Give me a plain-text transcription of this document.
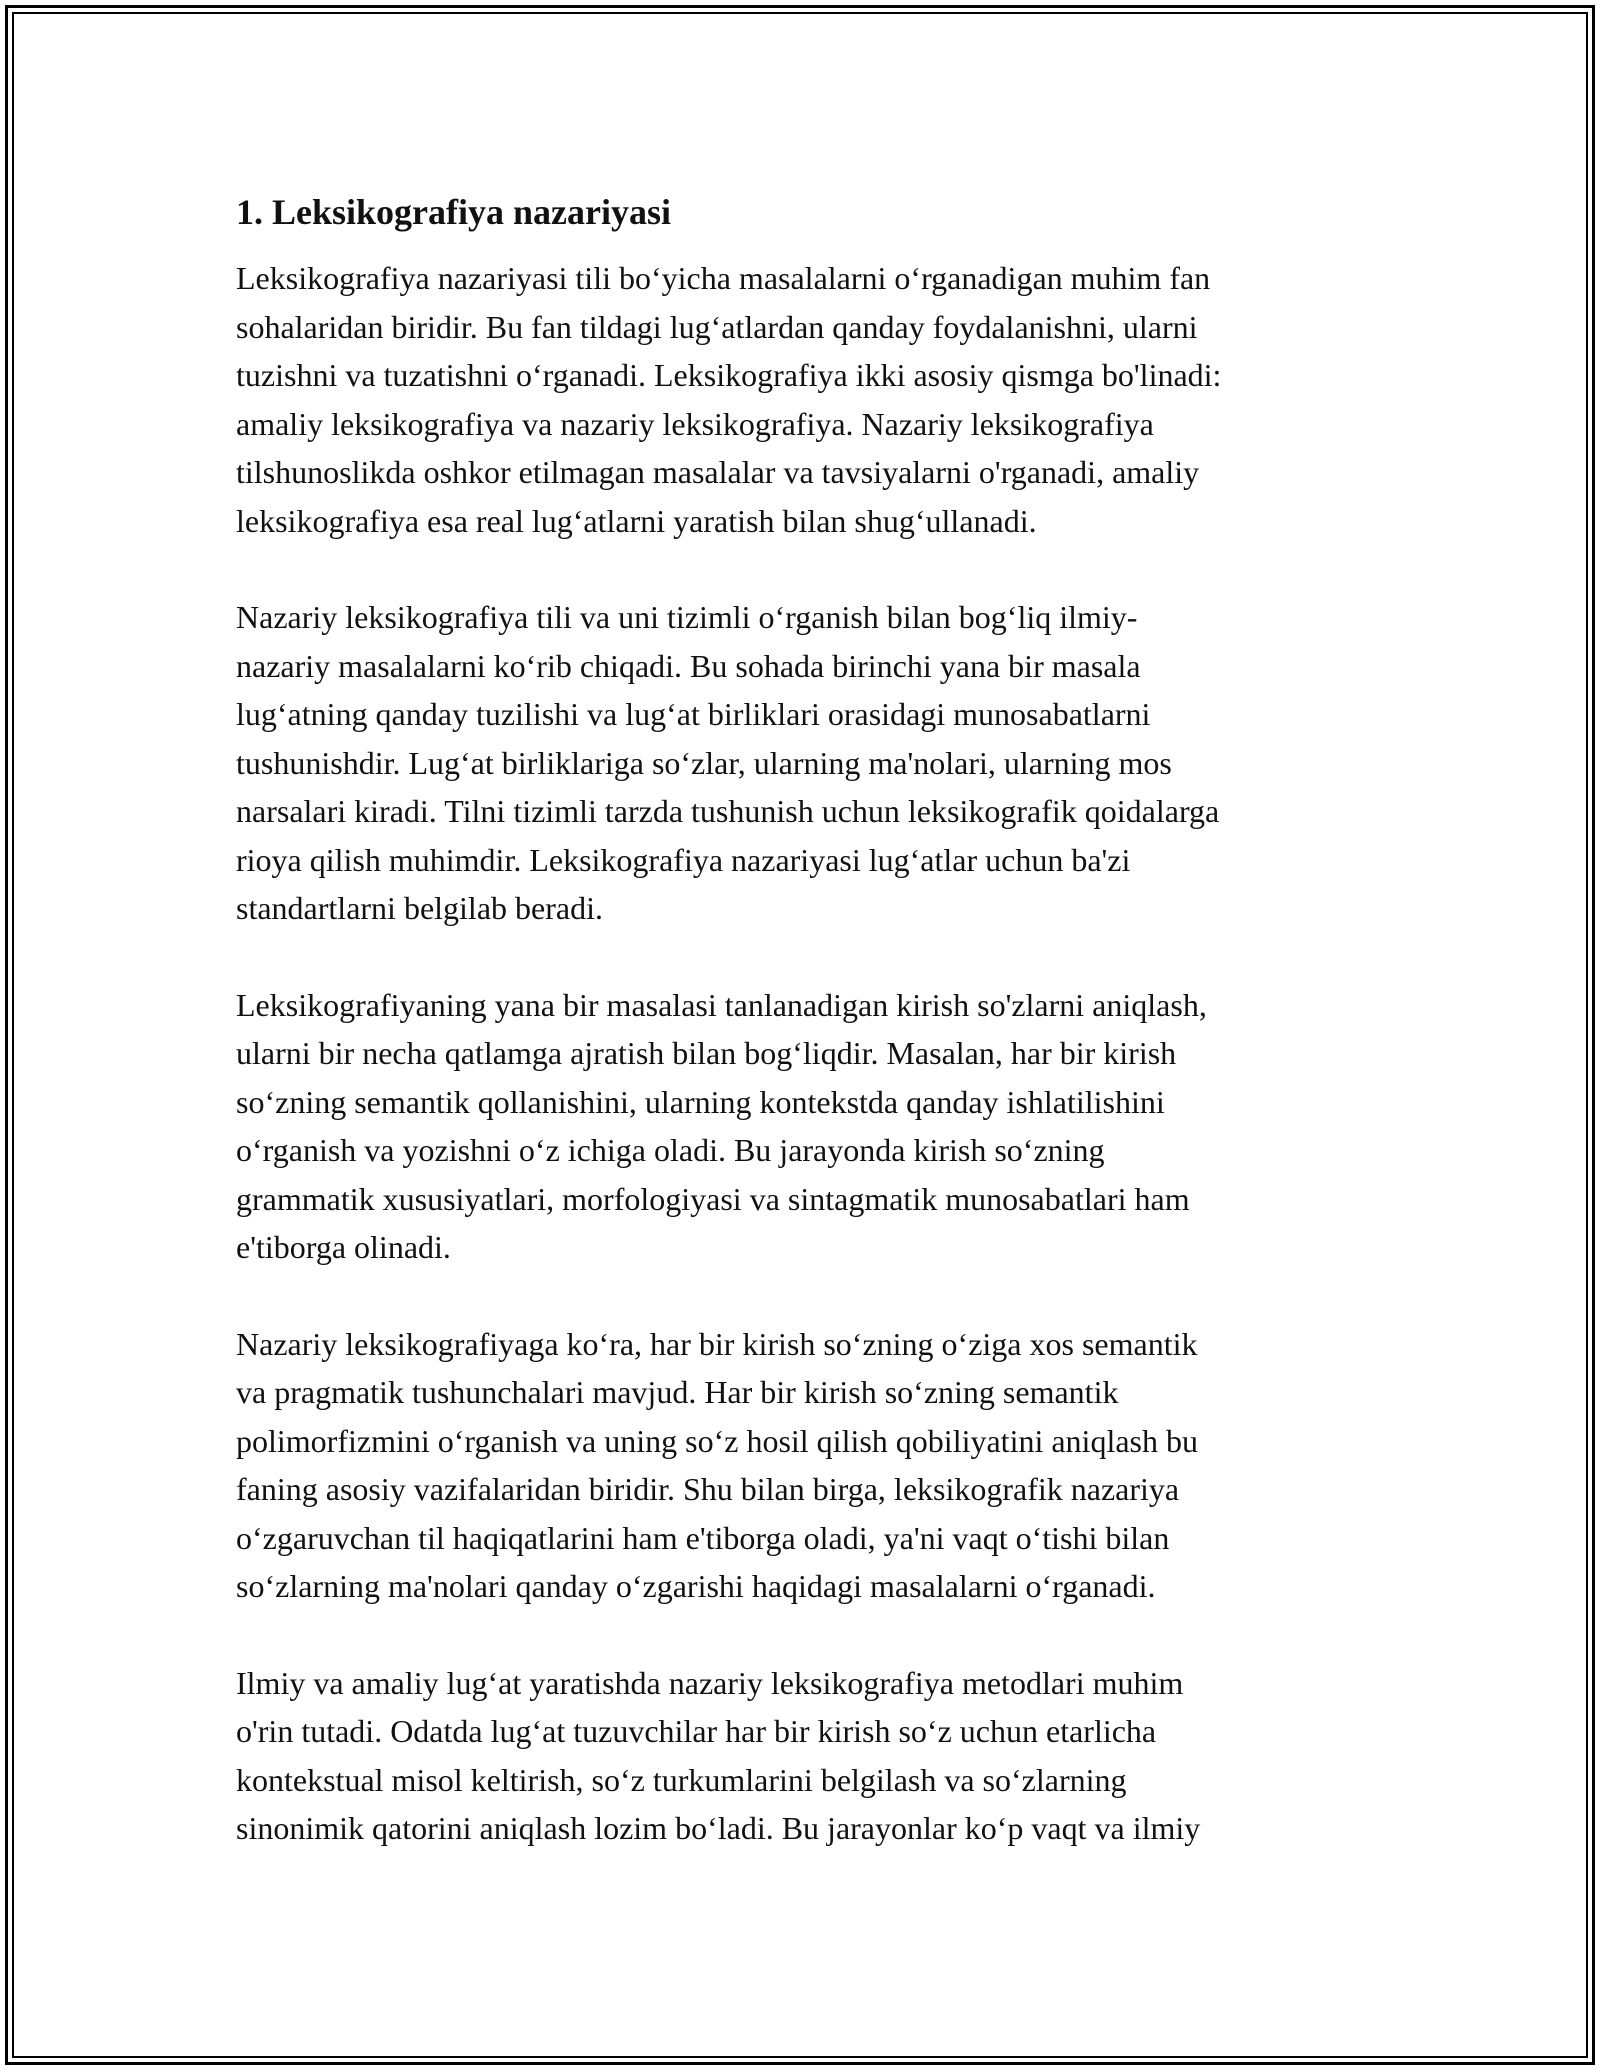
1. Leksikografiya nazariyasi
Leksikografiya nazariyasi tili bo‘yicha masalalarni o‘rganadigan muhim fan
sohalaridan biridir. Bu fan tildagi lug‘atlardan qanday foydalanishni, ularni
tuzishni va tuzatishni o‘rganadi. Leksikografiya ikki asosiy qismga bo'linadi:
amaliy leksikografiya va nazariy leksikografiya. Nazariy leksikografiya
tilshunoslikda oshkor etilmagan masalalar va tavsiyalarni o'rganadi, amaliy
leksikografiya esa real lug‘atlarni yaratish bilan shug‘ullanadi.
Nazariy leksikografiya tili va uni tizimli o‘rganish bilan bog‘liq ilmiy-
nazariy masalalarni ko‘rib chiqadi. Bu sohada birinchi yana bir masala
lug‘atning qanday tuzilishi va lug‘at birliklari orasidagi munosabatlarni
tushunishdir. Lug‘at birliklariga so‘zlar, ularning ma'nolari, ularning mos
narsalari kiradi. Tilni tizimli tarzda tushunish uchun leksikografik qoidalarga
rioya qilish muhimdir. Leksikografiya nazariyasi lug‘atlar uchun ba'zi
standartlarni belgilab beradi.
Leksikografiyaning yana bir masalasi tanlanadigan kirish so'zlarni aniqlash,
ularni bir necha qatlamga ajratish bilan bog‘liqdir. Masalan, har bir kirish
so‘zning semantik qollanishini, ularning kontekstda qanday ishlatilishini
o‘rganish va yozishni o‘z ichiga oladi. Bu jarayonda kirish so‘zning
grammatik xususiyatlari, morfologiyasi va sintagmatik munosabatlari ham
e'tiborga olinadi.
Nazariy leksikografiyaga ko‘ra, har bir kirish so‘zning o‘ziga xos semantik
va pragmatik tushunchalari mavjud. Har bir kirish so‘zning semantik
polimorfizmini o‘rganish va uning so‘z hosil qilish qobiliyatini aniqlash bu
faning asosiy vazifalaridan biridir. Shu bilan birga, leksikografik nazariya
o‘zgaruvchan til haqiqatlarini ham e'tiborga oladi, ya'ni vaqt o‘tishi bilan
so‘zlarning ma'nolari qanday o‘zgarishi haqidagi masalalarni o‘rganadi.
Ilmiy va amaliy lug‘at yaratishda nazariy leksikografiya metodlari muhim
o'rin tutadi. Odatda lug‘at tuzuvchilar har bir kirish so‘z uchun etarlicha
kontekstual misol keltirish, so‘z turkumlarini belgilash va so‘zlarning
sinonimik qatorini aniqlash lozim bo‘ladi. Bu jarayonlar ko‘p vaqt va ilmiy
